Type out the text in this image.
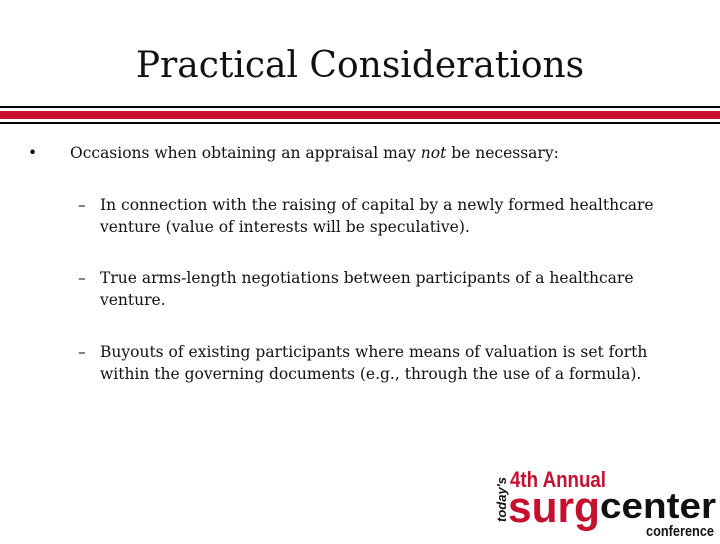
Practical Considerations
•	Occasions when obtaining an appraisal may not be necessary:
– In connection with the raising of capital by a newly formed healthcare
venture (value of interests will be speculative).
– True arms-length negotiations between participants of a healthcare
venture.
– Buyouts of existing participants where means of valuation is set forth
within the governing documents (e.g., through the use of a formula).
4th Annual
today's surg center
conference
